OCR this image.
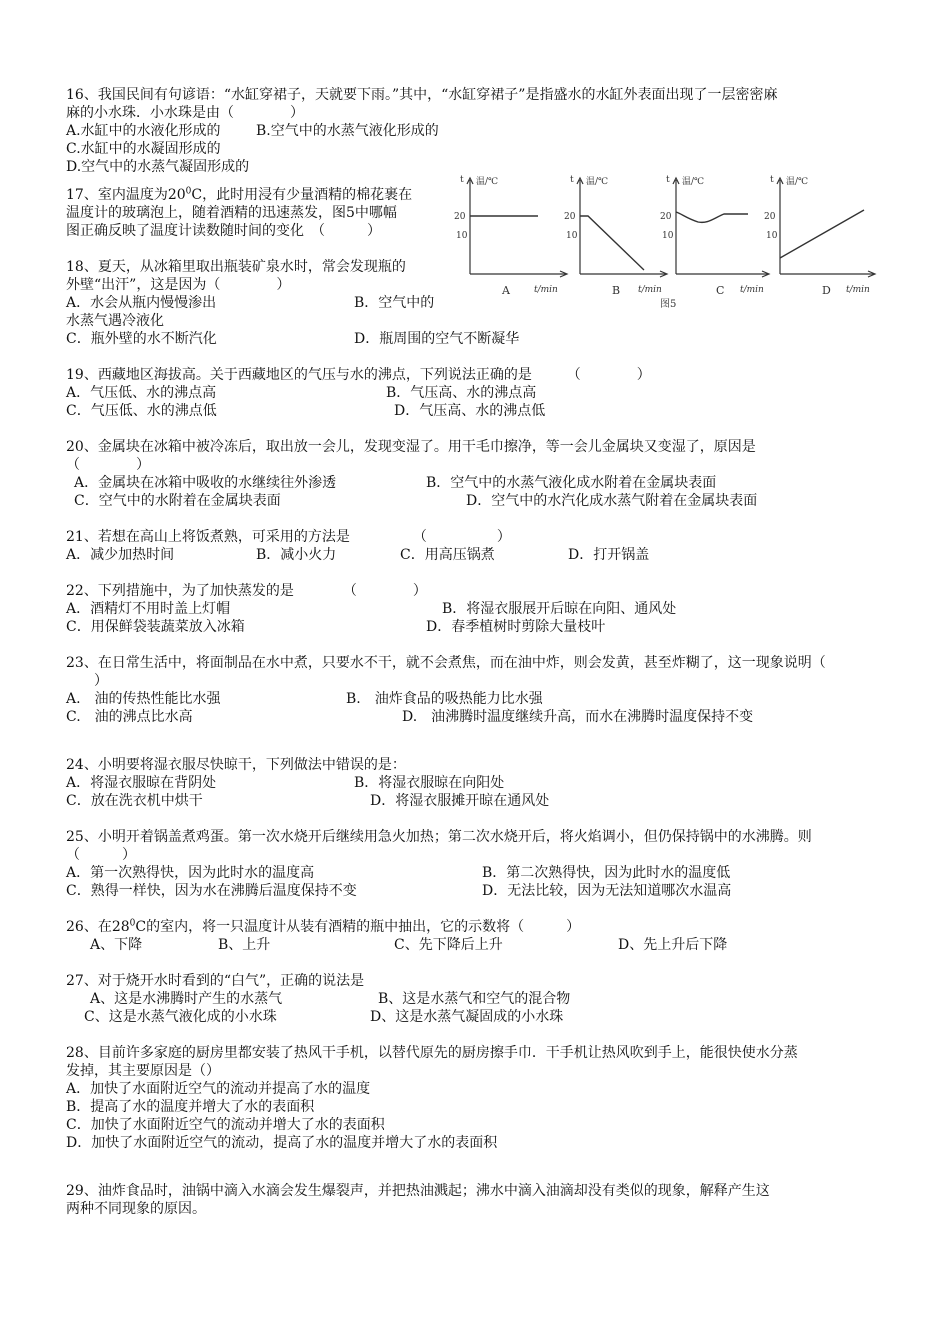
16、我国民间有句谚语：“水缸穿裙子，天就要下雨。”其中，“水缸穿裙子”是指盛水的水缸外表面出现了一层密密麻
麻的小水珠．小水珠是由（　　　　）
A.水缸中的水液化形成的	B.空气中的水蒸气液化形成的
C.水缸中的水凝固形成的
D.空气中的水蒸气凝固形成的
17、室内温度为$20^0C$，此时用浸有少量酒精的棉花裹在
温度计的玻璃泡上，随着酒精的迅速蒸发，图5中哪幅
图正确反映了温度计读数随时间的变化　（　　　）
18、夏天，从冰箱里取出瓶装矿泉水时，常会发现瓶的
外壁“出汗”，这是因为（　　　　）
A．水会从瓶内慢慢渗出	B．空气中的
水蒸气遇冷液化
C．瓶外壁的水不断汽化	D．瓶周围的空气不断凝华
19、西藏地区海拔高。关于西藏地区的气压与水的沸点，下列说法正确的是　　　（　　　　）
A．气压低、水的沸点高	B．气压高、水的沸点高
C．气压低、水的沸点低	D．气压高、水的沸点低
20、金属块在冰箱中被冷冻后，取出放一会儿，发现变湿了。用干毛巾擦净，等一会儿金属块又变湿了，原因是
（　　　　）
A．金属块在冰箱中吸收的水继续往外渗透	B．空气中的水蒸气液化成水附着在金属块表面
C．空气中的水附着在金属块表面	D．空气中的水汽化成水蒸气附着在金属块表面
21、若想在高山上将饭煮熟，可采用的方法是　　　　　（　　　　　）
A．减少加热时间	B．减小火力	C．用高压锅煮	D．打开锅盖
22、下列措施中，为了加快蒸发的是　　　　（　　　　）
A．酒精灯不用时盖上灯帽	B．将湿衣服展开后晾在向阳、通风处
C．用保鲜袋装蔬菜放入冰箱	D．春季植树时剪除大量枝叶
23、在日常生活中，将面制品在水中煮，只要水不干，就不会煮焦，而在油中炸，则会发黄，甚至炸糊了，这一现象说明（
　　）
A.　油的传热性能比水强	B.　油炸食品的吸热能力比水强
C.　油的沸点比水高	D.　油沸腾时温度继续升高，而水在沸腾时温度保持不变
24、小明要将湿衣服尽快晾干，下列做法中错误的是：
A．将湿衣服晾在背阴处	B．将湿衣服晾在向阳处
C．放在洗衣机中烘干	D．将湿衣服摊开晾在通风处
25、小明开着锅盖煮鸡蛋。第一次水烧开后继续用急火加热；第二次水烧开后，将火焰调小，但仍保持锅中的水沸腾。则
（　　　）
A．第一次熟得快，因为此时水的温度高	B．第二次熟得快，因为此时水的温度低
C．熟得一样快，因为水在沸腾后温度保持不变	D．无法比较，因为无法知道哪次水温高
26、在$28^0C$的室内，将一只温度计从装有酒精的瓶中抽出，它的示数将（　　　）
A、下降	B、上升	C、先下降后上升	D、先上升后下降
27、对于烧开水时看到的“白气”，正确的说法是
A、这是水沸腾时产生的水蒸气	B、这是水蒸气和空气的混合物
C、这是水蒸气液化成的小水珠	D、这是水蒸气凝固成的小水珠
28、目前许多家庭的厨房里都安装了热风干手机，以替代原先的厨房擦手巾．干手机让热风吹到手上，能很快使水分蒸
发掉，其主要原因是（）
A．加快了水面附近空气的流动并提高了水的温度
B．提高了水的温度并增大了水的表面积
C．加快了水面附近空气的流动并增大了水的表面积
D．加快了水面附近空气的流动，提高了水的温度并增大了水的表面积
29、油炸食品时，油锅中滴入水滴会发生爆裂声，并把热油溅起；沸水中滴入油滴却没有类似的现象，解释产生这
两种不同现象的原因。
t 温/℃
20
10
A	t/min
t 温/℃
20
10
B t/min
t 温/℃
20
10
C t/min
t 温/℃
20
10
D t/min
图5
